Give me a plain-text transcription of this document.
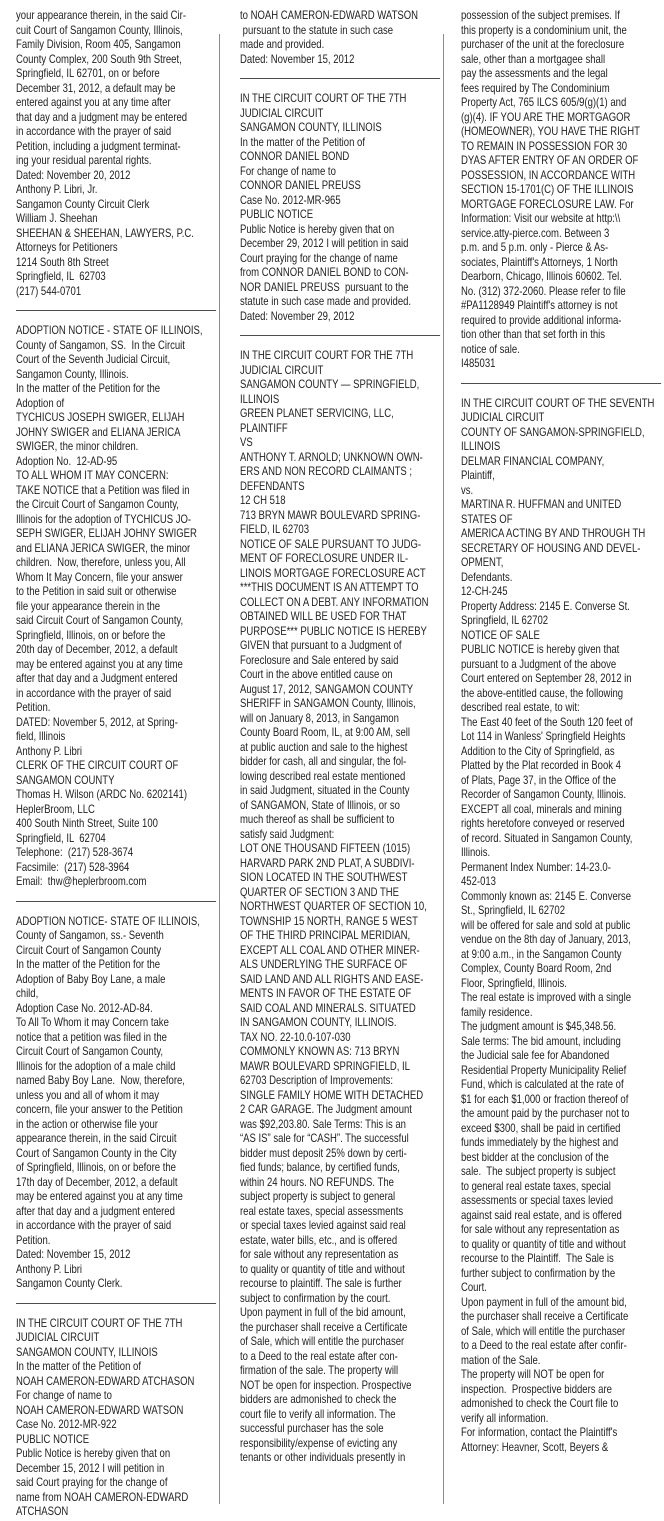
your appearance therein, in the said Cir-
cuit Court of Sangamon County, Illinois,
Family Division, Room 405, Sangamon
County Complex, 200 South 9th Street,
Springfield, IL 62701, on or before
December 31, 2012, a default may be
entered against you at any time after
that day and a judgment may be entered
in accordance with the prayer of said
Petition, including a judgment terminat-
ing your residual parental rights.
Dated: November 20, 2012
Anthony P. Libri, Jr.
Sangamon County Circuit Clerk
William J. Sheehan
SHEEHAN & SHEEHAN, LAWYERS, P.C.
Attorneys for Petitioners
1214 South 8th Street
Springfield, IL  62703
(217) 544-0701
ADOPTION NOTICE - STATE OF ILLINOIS,
County of Sangamon, SS.  In the Circuit
Court of the Seventh Judicial Circuit,
Sangamon County, Illinois.
In the matter of the Petition for the
Adoption of
TYCHICUS JOSEPH SWIGER, ELIJAH
JOHNY SWIGER and ELIANA JERICA
SWIGER, the minor children.
Adoption No.  12-AD-95
TO ALL WHOM IT MAY CONCERN:
TAKE NOTICE that a Petition was filed in
the Circuit Court of Sangamon County,
Illinois for the adoption of TYCHICUS JO-
SEPH SWIGER, ELIJAH JOHNY SWIGER
and ELIANA JERICA SWIGER, the minor
children.  Now, therefore, unless you, All
Whom It May Concern, file your answer
to the Petition in said suit or otherwise
file your appearance therein in the
said Circuit Court of Sangamon County,
Springfield, Illinois, on or before the
20th day of December, 2012, a default
may be entered against you at any time
after that day and a Judgment entered
in accordance with the prayer of said
Petition.
DATED: November 5, 2012, at Spring-
field, Illinois
Anthony P. Libri
CLERK OF THE CIRCUIT COURT OF
SANGAMON COUNTY
Thomas H. Wilson (ARDC No. 6202141)
HeplerBroom, LLC
400 South Ninth Street, Suite 100
Springfield, IL  62704
Telephone:  (217) 528-3674
Facsimile:  (217) 528-3964
Email:  thw@heplerbroom.com
ADOPTION NOTICE- STATE OF ILLINOIS,
County of Sangamon, ss.- Seventh
Circuit Court of Sangamon County
In the matter of the Petition for the
Adoption of Baby Boy Lane, a male
child,
Adoption Case No. 2012-AD-84.
To All To Whom it may Concern take
notice that a petition was filed in the
Circuit Court of Sangamon County,
Illinois for the adoption of a male child
named Baby Boy Lane.  Now, therefore,
unless you and all of whom it may
concern, file your answer to the Petition
in the action or otherwise file your
appearance therein, in the said Circuit
Court of Sangamon County in the City
of Springfield, Illinois, on or before the
17th day of December, 2012, a default
may be entered against you at any time
after that day and a judgment entered
in accordance with the prayer of said
Petition.
Dated: November 15, 2012
Anthony P. Libri
Sangamon County Clerk.
IN THE CIRCUIT COURT OF THE 7TH
JUDICIAL CIRCUIT
SANGAMON COUNTY, ILLINOIS
In the matter of the Petition of
NOAH CAMERON-EDWARD ATCHASON
For change of name to
NOAH CAMERON-EDWARD WATSON
Case No. 2012-MR-922
PUBLIC NOTICE
Public Notice is hereby given that on
December 15, 2012 I will petition in
said Court praying for the change of
name from NOAH CAMERON-EDWARD
ATCHASON
to NOAH CAMERON-EDWARD WATSON
pursuant to the statute in such case
made and provided.
Dated: November 15, 2012
IN THE CIRCUIT COURT OF THE 7TH
JUDICIAL CIRCUIT
SANGAMON COUNTY, ILLINOIS
In the matter of the Petition of
CONNOR DANIEL BOND
For change of name to
CONNOR DANIEL PREUSS
Case No. 2012-MR-965
PUBLIC NOTICE
Public Notice is hereby given that on
December 29, 2012 I will petition in said
Court praying for the change of name
from CONNOR DANIEL BOND to CON-
NOR DANIEL PREUSS  pursuant to the
statute in such case made and provided.
Dated: November 29, 2012
IN THE CIRCUIT COURT FOR THE 7TH
JUDICIAL CIRCUIT
SANGAMON COUNTY — SPRINGFIELD,
ILLINOIS
GREEN PLANET SERVICING, LLC,
PLAINTIFF
VS
ANTHONY T. ARNOLD; UNKNOWN OWN-
ERS AND NON RECORD CLAIMANTS ;
DEFENDANTS
12 CH 518
713 BRYN MAWR BOULEVARD SPRING-
FIELD, IL 62703
NOTICE OF SALE PURSUANT TO JUDG-
MENT OF FORECLOSURE UNDER IL-
LINOIS MORTGAGE FORECLOSURE ACT
***THIS DOCUMENT IS AN ATTEMPT TO
COLLECT ON A DEBT. ANY INFORMATION
OBTAINED WILL BE USED FOR THAT
PURPOSE*** PUBLIC NOTICE IS HEREBY
GIVEN that pursuant to a Judgment of
Foreclosure and Sale entered by said
Court in the above entitled cause on
August 17, 2012, SANGAMON COUNTY
SHERIFF in SANGAMON County, Illinois,
will on January 8, 2013, in Sangamon
County Board Room, IL, at 9:00 AM, sell
at public auction and sale to the highest
bidder for cash, all and singular, the fol-
lowing described real estate mentioned
in said Judgment, situated in the County
of SANGAMON, State of Illinois, or so
much thereof as shall be sufficient to
satisfy said Judgment:
LOT ONE THOUSAND FIFTEEN (1015)
HARVARD PARK 2ND PLAT, A SUBDIVI-
SION LOCATED IN THE SOUTHWEST
QUARTER OF SECTION 3 AND THE
NORTHWEST QUARTER OF SECTION 10,
TOWNSHIP 15 NORTH, RANGE 5 WEST
OF THE THIRD PRINCIPAL MERIDIAN,
EXCEPT ALL COAL AND OTHER MINER-
ALS UNDERLYING THE SURFACE OF
SAID LAND AND ALL RIGHTS AND EASE-
MENTS IN FAVOR OF THE ESTATE OF
SAID COAL AND MINERALS. SITUATED
IN SANGAMON COUNTY, ILLINOIS.
TAX NO. 22-10.0-107-030
COMMONLY KNOWN AS: 713 BRYN
MAWR BOULEVARD SPRINGFIELD, IL
62703 Description of Improvements:
SINGLE FAMILY HOME WITH DETACHED
2 CAR GARAGE. The Judgment amount
was $92,203.80. Sale Terms: This is an
“AS IS” sale for “CASH”. The successful
bidder must deposit 25% down by certi-
fied funds; balance, by certified funds,
within 24 hours. NO REFUNDS. The
subject property is subject to general
real estate taxes, special assessments
or special taxes levied against said real
estate, water bills, etc., and is offered
for sale without any representation as
to quality or quantity of title and without
recourse to plaintiff. The sale is further
subject to confirmation by the court.
Upon payment in full of the bid amount,
the purchaser shall receive a Certificate
of Sale, which will entitle the purchaser
to a Deed to the real estate after con-
firmation of the sale. The property will
NOT be open for inspection. Prospective
bidders are admonished to check the
court file to verify all information. The
successful purchaser has the sole
responsibility/expense of evicting any
tenants or other individuals presently in
possession of the subject premises. If
this property is a condominium unit, the
purchaser of the unit at the foreclosure
sale, other than a mortgagee shall
pay the assessments and the legal
fees required by The Condominium
Property Act, 765 ILCS 605/9(g)(1) and
(g)(4). IF YOU ARE THE MORTGAGOR
(HOMEOWNER), YOU HAVE THE RIGHT
TO REMAIN IN POSSESSION FOR 30
DYAS AFTER ENTRY OF AN ORDER OF
POSSESSION, IN ACCORDANCE WITH
SECTION 15-1701(C) OF THE ILLINOIS
MORTGAGE FORECLOSURE LAW. For
Information: Visit our website at http:\\
service.atty-pierce.com. Between 3
p.m. and 5 p.m. only - Pierce & As-
sociates, Plaintiff's Attorneys, 1 North
Dearborn, Chicago, Illinois 60602. Tel.
No. (312) 372-2060. Please refer to file
#PA1128949 Plaintiff's attorney is not
required to provide additional informa-
tion other than that set forth in this
notice of sale.
I485031
IN THE CIRCUIT COURT OF THE SEVENTH
JUDICIAL CIRCUIT
COUNTY OF SANGAMON-SPRINGFIELD,
ILLINOIS
DELMAR FINANCIAL COMPANY,
Plaintiff,
vs.
MARTINA R. HUFFMAN and UNITED
STATES OF
AMERICA ACTING BY AND THROUGH TH
SECRETARY OF HOUSING AND DEVEL-
OPMENT,
Defendants.
12-CH-245
Property Address: 2145 E. Converse St.
Springfield, IL 62702
NOTICE OF SALE
PUBLIC NOTICE is hereby given that
pursuant to a Judgment of the above
Court entered on September 28, 2012 in
the above-entitled cause, the following
described real estate, to wit:
The East 40 feet of the South 120 feet of
Lot 114 in Wanless' Springfield Heights
Addition to the City of Springfield, as
Platted by the Plat recorded in Book 4
of Plats, Page 37, in the Office of the
Recorder of Sangamon County, Illinois.
EXCEPT all coal, minerals and mining
rights heretofore conveyed or reserved
of record. Situated in Sangamon County,
Illinois.
Permanent Index Number: 14-23.0-
452-013
Commonly known as: 2145 E. Converse
St., Springfield, IL 62702
will be offered for sale and sold at public
vendue on the 8th day of January, 2013,
at 9:00 a.m., in the Sangamon County
Complex, County Board Room, 2nd
Floor, Springfield, Illinois.
The real estate is improved with a single
family residence.
The judgment amount is $45,348.56.
Sale terms: The bid amount, including
the Judicial sale fee for Abandoned
Residential Property Municipality Relief
Fund, which is calculated at the rate of
$1 for each $1,000 or fraction thereof of
the amount paid by the purchaser not to
exceed $300, shall be paid in certified
funds immediately by the highest and
best bidder at the conclusion of the
sale.  The subject property is subject
to general real estate taxes, special
assessments or special taxes levied
against said real estate, and is offered
for sale without any representation as
to quality or quantity of title and without
recourse to the Plaintiff.  The Sale is
further subject to confirmation by the
Court.
Upon payment in full of the amount bid,
the purchaser shall receive a Certificate
of Sale, which will entitle the purchaser
to a Deed to the real estate after confir-
mation of the Sale.
The property will NOT be open for
inspection.  Prospective bidders are
admonished to check the Court file to
verify all information.
For information, contact the Plaintiff's
Attorney: Heavner, Scott, Beyers &
